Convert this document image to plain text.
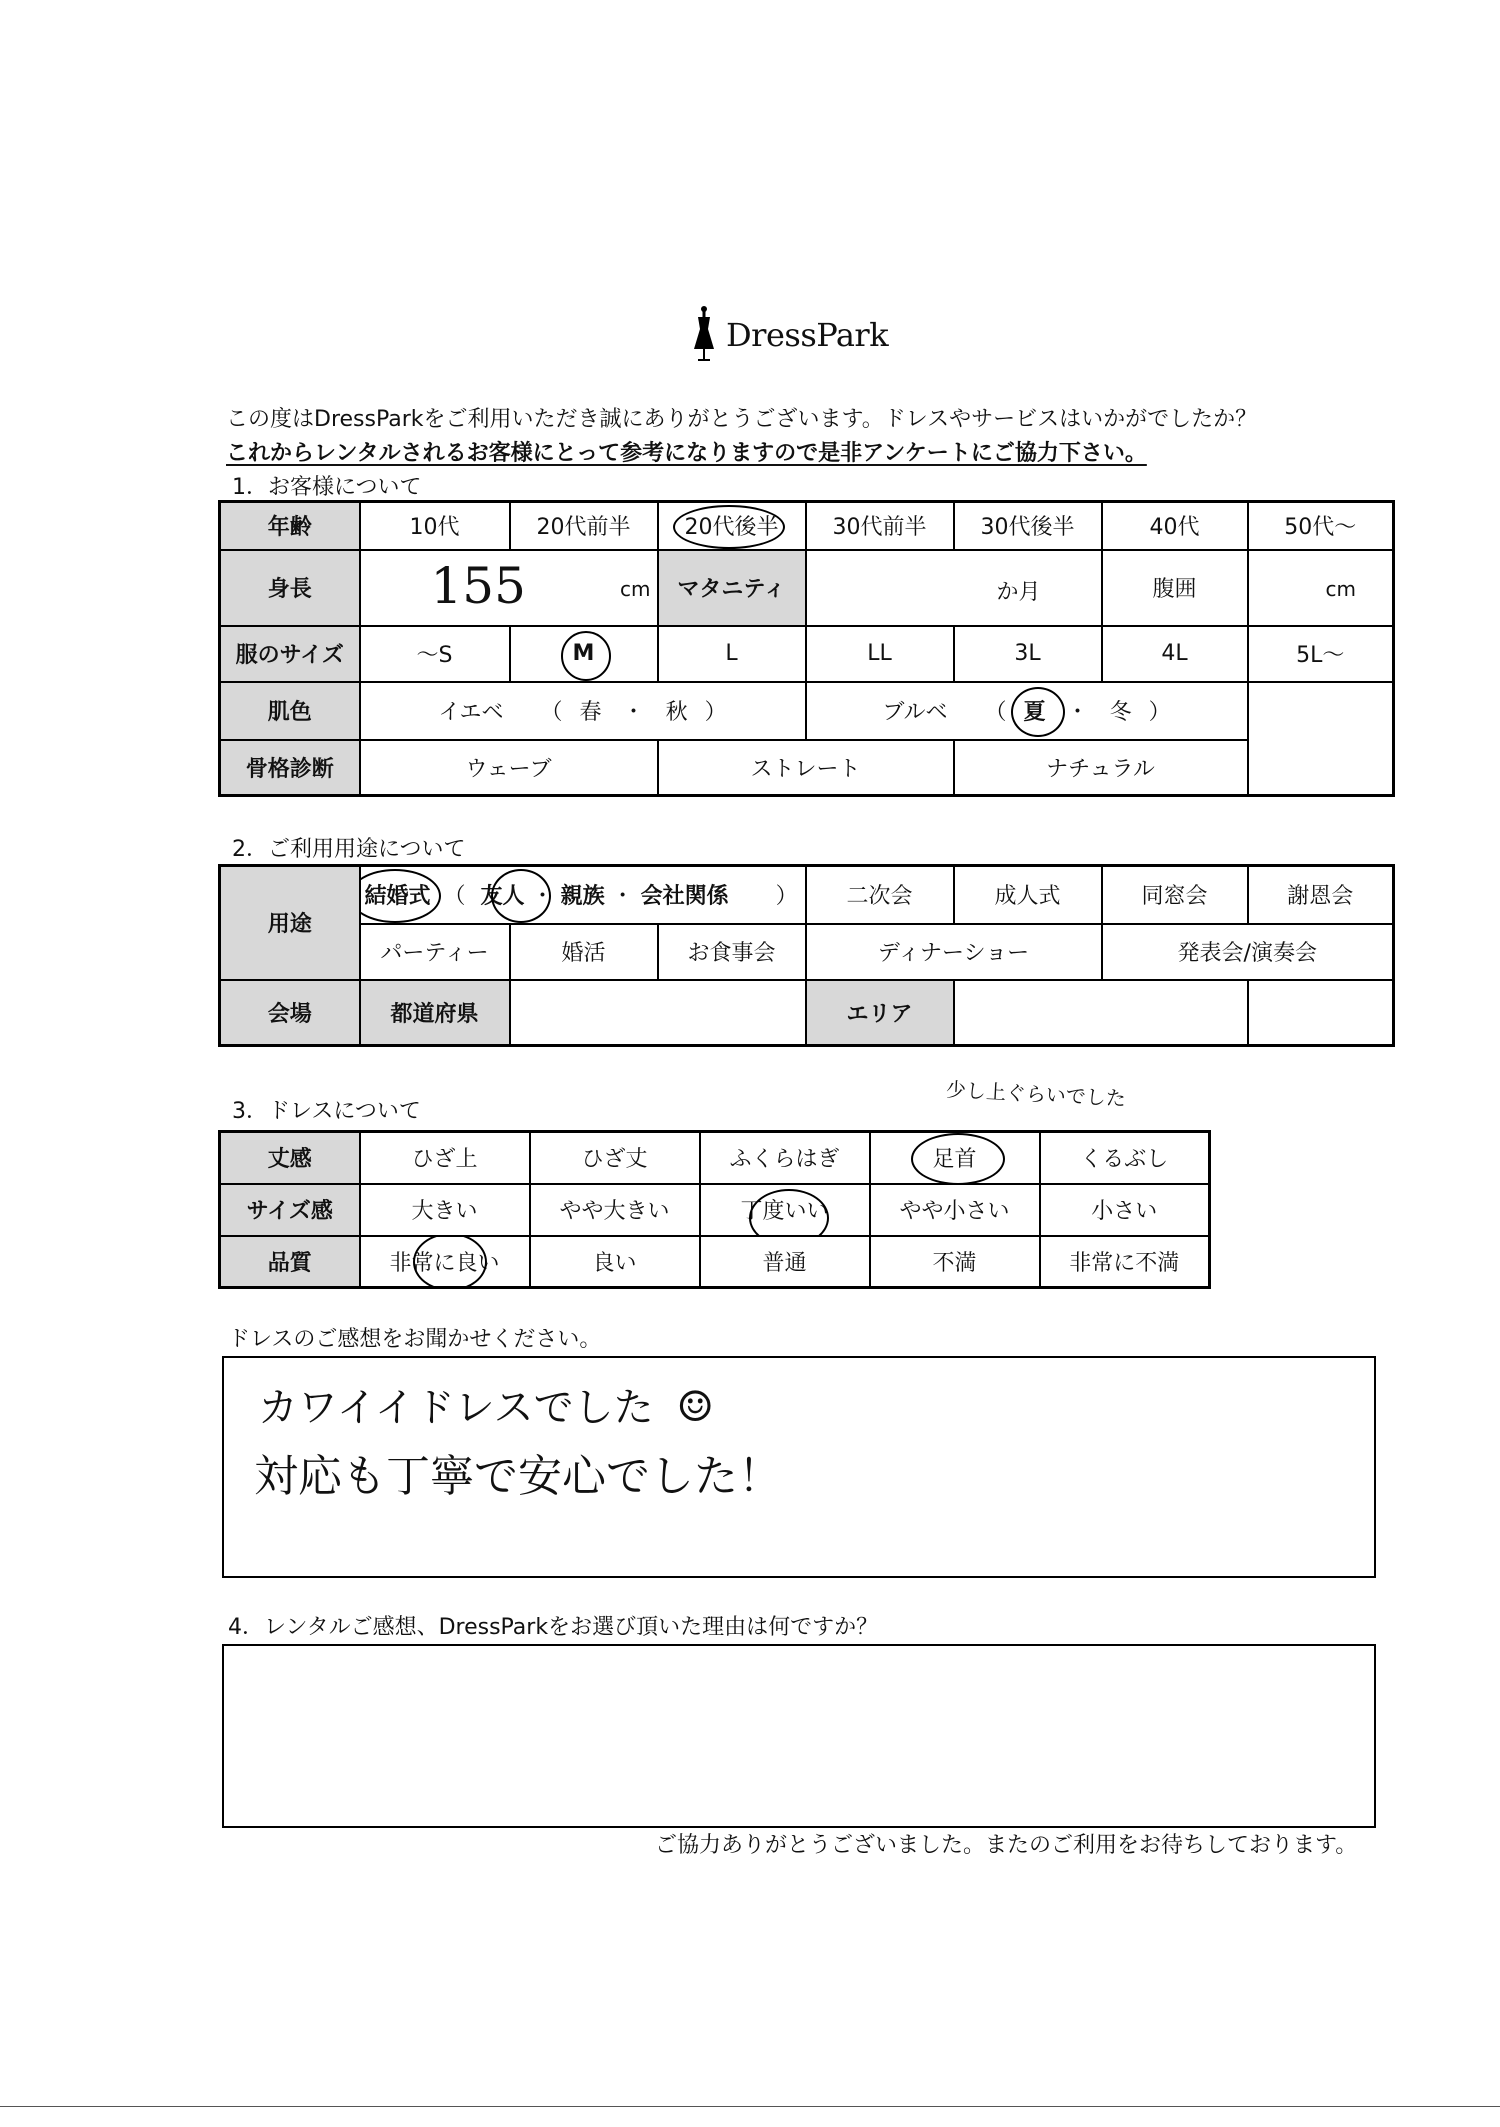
DressPark
この度はDressParkをご利用いただき誠にありがとうございます。ドレスやサービスはいかがでしたか？
これからレンタルされるお客様にとって参考になりますので是非アンケートにご協力下さい。
1．お客様について
年齢	10代	20代前半	20代後半	30代前半	30代後半	40代	50代～
身長	155 cm		マタニティ	か月		腹囲	cm

服のサイズ	～S	M	L	LL	3L	4L	5L～
肌色	イエベ （ 春 ・ 秋 ）			ブルベ （ 夏 ・ 冬 ）		

骨格診断	ウェーブ		ストレート		ナチュラル		
2．ご利用用途について
用途	結婚式 （ 友人 ・ 親族 ・ 会社関係 ）			二次会	成人式	同窓会	謝恩会
	パーティー	婚活	お食事会	ディナーショー		発表会/演奏会	
会場	都道府県			エリア			
3．ドレスについて
少し上ぐらいでした
丈感	ひざ上	ひざ丈	ふくらはぎ	足首	くるぶし
サイズ感	大きい	やや大きい	丁度いい	やや小さい	小さい
品質	非常に良い	良い	普通	不満	非常に不満
ドレスのご感想をお聞かせください。
カワイイドレスでした ☺
対応も丁寧で安心でした！
4．レンタルご感想、DressParkをお選び頂いた理由は何ですか？
ご協力ありがとうございました。またのご利用をお待ちしております。
